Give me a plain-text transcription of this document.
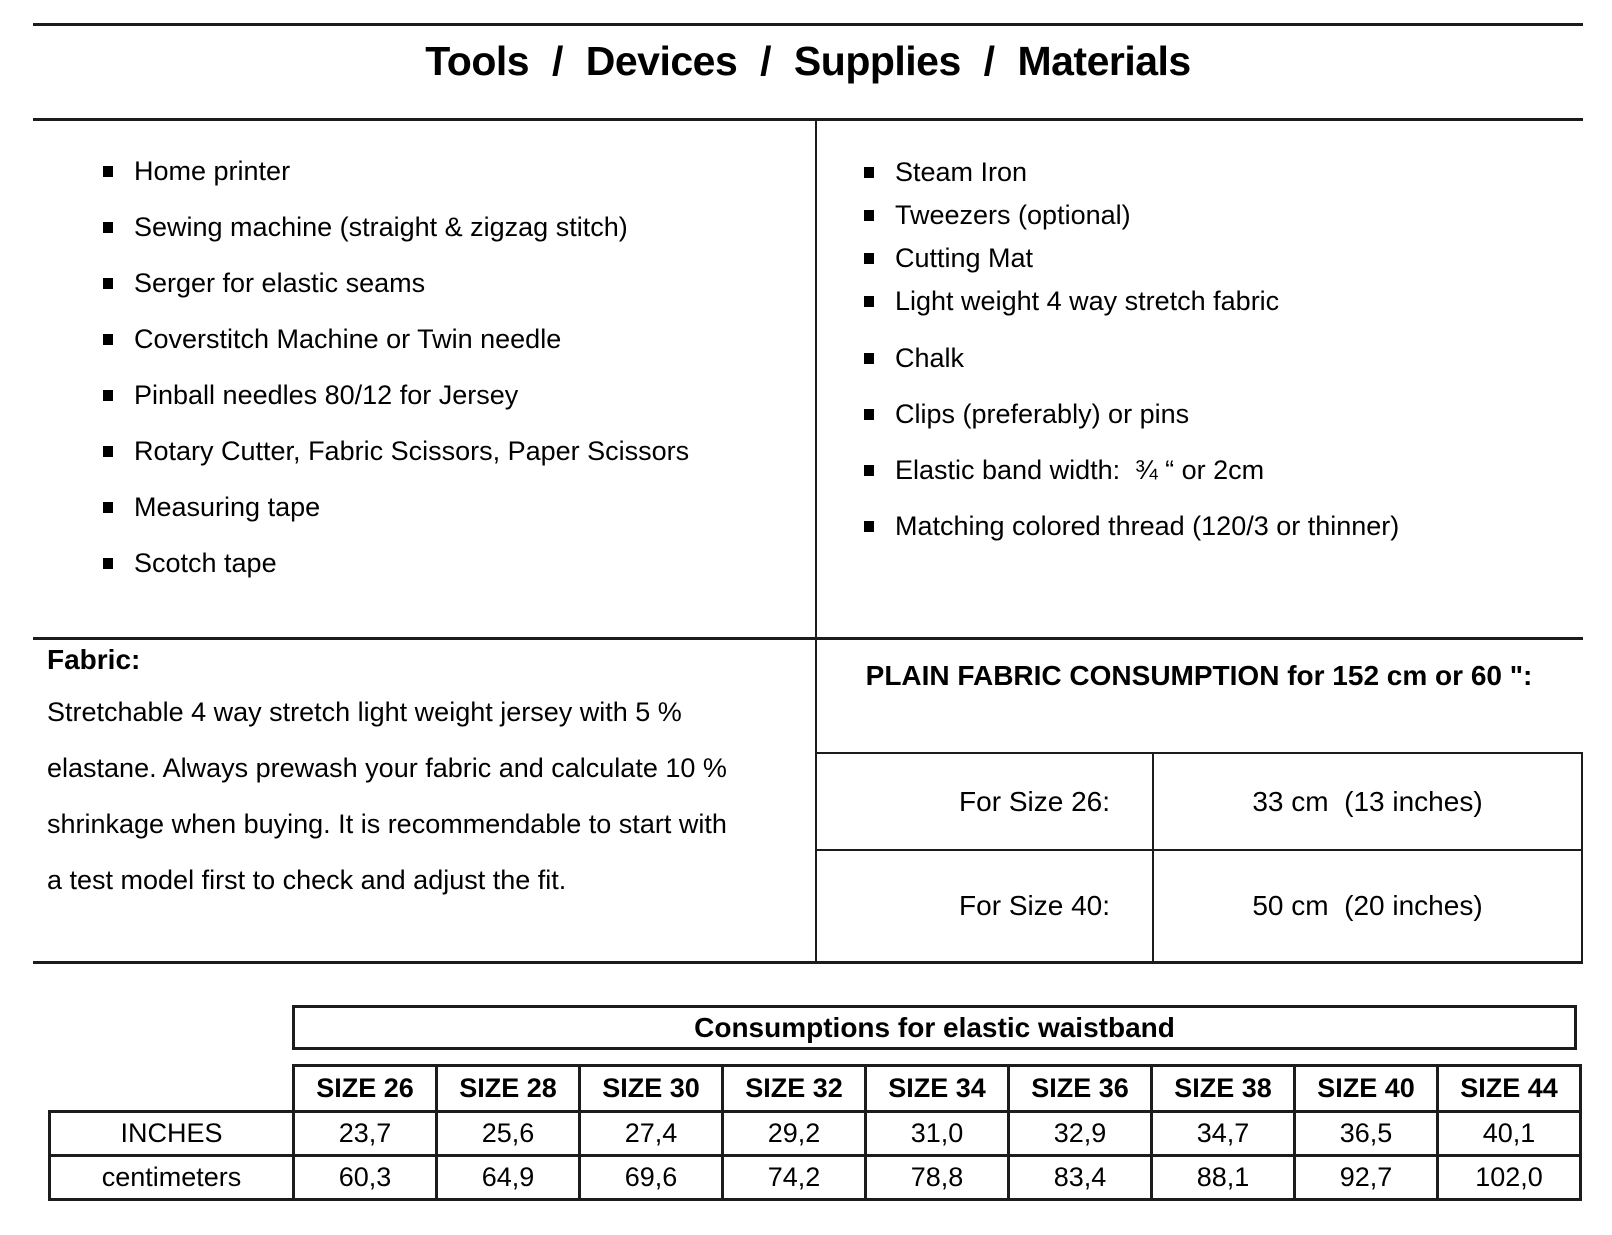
Tools / Devices / Supplies / Materials
Home printer
Sewing machine (straight & zigzag stitch)
Serger for elastic seams
Coverstitch Machine or Twin needle
Pinball needles 80/12 for Jersey
Rotary Cutter, Fabric Scissors, Paper Scissors
Measuring tape
Scotch tape
Steam Iron
Tweezers (optional)
Cutting Mat
Light weight 4 way stretch fabric
Chalk
Clips (preferably) or pins
Elastic band width:  ¾ “ or 2cm
Matching colored thread (120/3 or thinner)
Fabric:
Stretchable 4 way stretch light weight jersey with 5 %
elastane. Always prewash your fabric and calculate 10 %
shrinkage when buying. It is recommendable to start with
a test model first to check and adjust the fit.
PLAIN FABRIC CONSUMPTION for 152 cm or 60 ":
For Size 26:	33 cm  (13 inches)
For Size 40:	50 cm  (20 inches)
Consumptions for elastic waistband
	SIZE 26	SIZE 28	SIZE 30	SIZE 32	SIZE 34	SIZE 36	SIZE 38	SIZE 40	SIZE 44
INCHES	23,7	25,6	27,4	29,2	31,0	32,9	34,7	36,5	40,1
centimeters	60,3	64,9	69,6	74,2	78,8	83,4	88,1	92,7	102,0
